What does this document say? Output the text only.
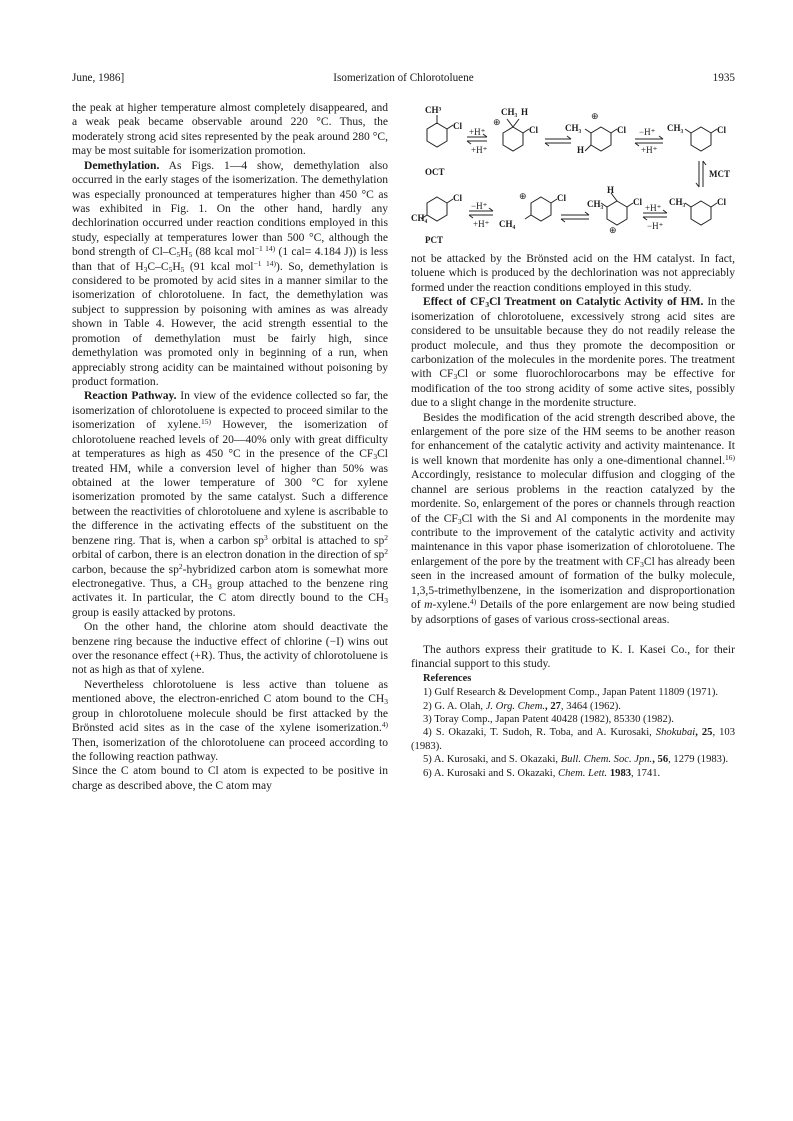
June, 1986]	Isomerization of Chlorotoluene	1935

the peak at higher temperature almost completely disappeared, and a weak peak became observable around 220 °C. Thus, the moderately strong acid sites represented by the peak around 280 °C, may be most suitable for isomerization promotion.

Demethylation. As Figs. 1—4 show, demethylation also occurred in the early stages of the isomerization. The demethylation was especially pronounced at temperatures higher than 450 °C as was exhibited in Fig. 1. On the other hand, hardly any dechlorination occurred under reaction conditions employed in this study, especially at temperatures lower than 500 °C, although the bond strength of $Cl-C_5H_5$ (88 kcal mol$^{-1 14)}$ (1 cal= 4.184 J)) is less than that of $H_3C-C_5H_5$ (91 kcal mol$^{-1 14)}$). So, demethylation is considered to be promoted by acid sites in a manner similar to the isomerization of chlorotoluene. In fact, the demethylation was subject to suppression by poisoning with amines as was already shown in Table 4. However, the acid strength essential to the promotion of demethylation must be fairly high, since demethylation was promoted only in beginning of a run, when appreciably strong acidity can be maintained without poisoning by product formation.

Reaction Pathway. In view of the evidence collected so far, the isomerization of chlorotoluene is expected to proceed similar to the isomerization of xylene.$^{15)}$ However, the isomerization of chlorotoluene reached levels of 20—40% only with great difficulty at temperatures as high as 450 °C in the presence of the $CF_3Cl$ treated HM, while a conversion level of higher than 50% was obtained at the lower temperature of 300 °C for xylene isomerization promoted by the same catalyst. Such a difference between the reactivities of chlorotoluene and xylene is ascribable to the difference in the activating effects of the substituent on the benzene ring. That is, when a carbon $sp^3$ orbital is attached to $sp^2$ orbital of carbon, there is an electron donation in the direction of $sp^2$ carbon, because the $sp^2$-hybridized carbon atom is somewhat more electronegative. Thus, a $CH_3$ group attached to the benzene ring activates it. In particular, the C atom directly bound to the $CH_3$ group is easily attacked by protons.

On the other hand, the chlorine atom should deactivate the benzene ring because the inductive effect of chlorine (−I) wins out over the resonance effect (+R). Thus, the activity of chlorotoluene is not as high as that of xylene.

Nevertheless chlorotoluene is less active than toluene as mentioned above, the electron-enriched C atom bound to the $CH_3$ group in chlorotoluene molecule should be first attacked by the Brönsted acid sites as in the case of the xylene isomerization.$^{4)}$ Then, isomerization of the chlorotoluene can proceed according to the following reaction pathway.

Since the C atom bound to Cl atom is expected to be positive in charge as described above, the C atom may

CH³
Cl
+H⁺
+H⁺
CH₃ H
⊕
Cl
⊕
CH₃
H
Cl −H⁺
+H⁺
CH₃	Cl
OCT	MCT
Cl
CH₄
−H⁺
+H⁺
⊕	Cl
CH₄
H
CH₃
⊕
Cl
+H⁺
−H⁺
CH₃	Cl
PCT

not be attacked by the Brönsted acid on the HM catalyst. In fact, toluene which is produced by the dechlorination was not appreciably formed under the reaction conditions employed in this study.

Effect of $CF_3Cl$ Treatment on Catalytic Activity of HM. In the isomerization of chlorotoluene, excessively strong acid sites are considered to be unsuitable because they do not readily release the product molecule, and thus they promote the decomposition or carbonization of the molecules in the mordenite pores. The treatment with $CF_3Cl$ or some fluorochlorocarbons may be effective for modification of the too strong acidity of some active sites, possibly due to a slight change in the mordenite structure.

Besides the modification of the acid strength described above, the enlargement of the pore size of the HM seems to be another reason for enhancement of the catalytic activity and activity maintenance. It is well known that mordenite has only a one-dimentional channel.$^{16)}$ Accordingly, resistance to molecular diffusion and clogging of the channel are serious problems in the reaction catalyzed by the mordenite. So, enlargement of the pores or channels through reaction of the $CF_3Cl$ with the Si and Al components in the mordenite may contribute to the improvement of the catalytic activity and activity maintenance in this vapor phase isomerization of chlorotoluene. The enlargement of the pore by the treatment with $CF_3Cl$ has already been seen in the increased amount of formation of the bulky molecule, 1,3,5-trimethylbenzene, in the isomerization and disproportionation of m-xylene.$^{4)}$ Details of the pore enlargement are now being studied by adsorptions of gases of various cross-sectional areas.

The authors express their gratitude to K. I. Kasei Co., for their financial support to this study.

References

1) Gulf Research & Development Comp., Japan Patent 11809 (1971).

2) G. A. Olah, J. Org. Chem., 27, 3464 (1962).

3) Toray Comp., Japan Patent 40428 (1982), 85330 (1982).

4) S. Okazaki, T. Sudoh, R. Toba, and A. Kurosaki, Shokubai, 25, 103 (1983).

5) A. Kurosaki, and S. Okazaki, Bull. Chem. Soc. Jpn., 56, 1279 (1983).

6) A. Kurosaki and S. Okazaki, Chem. Lett. 1983, 1741.
